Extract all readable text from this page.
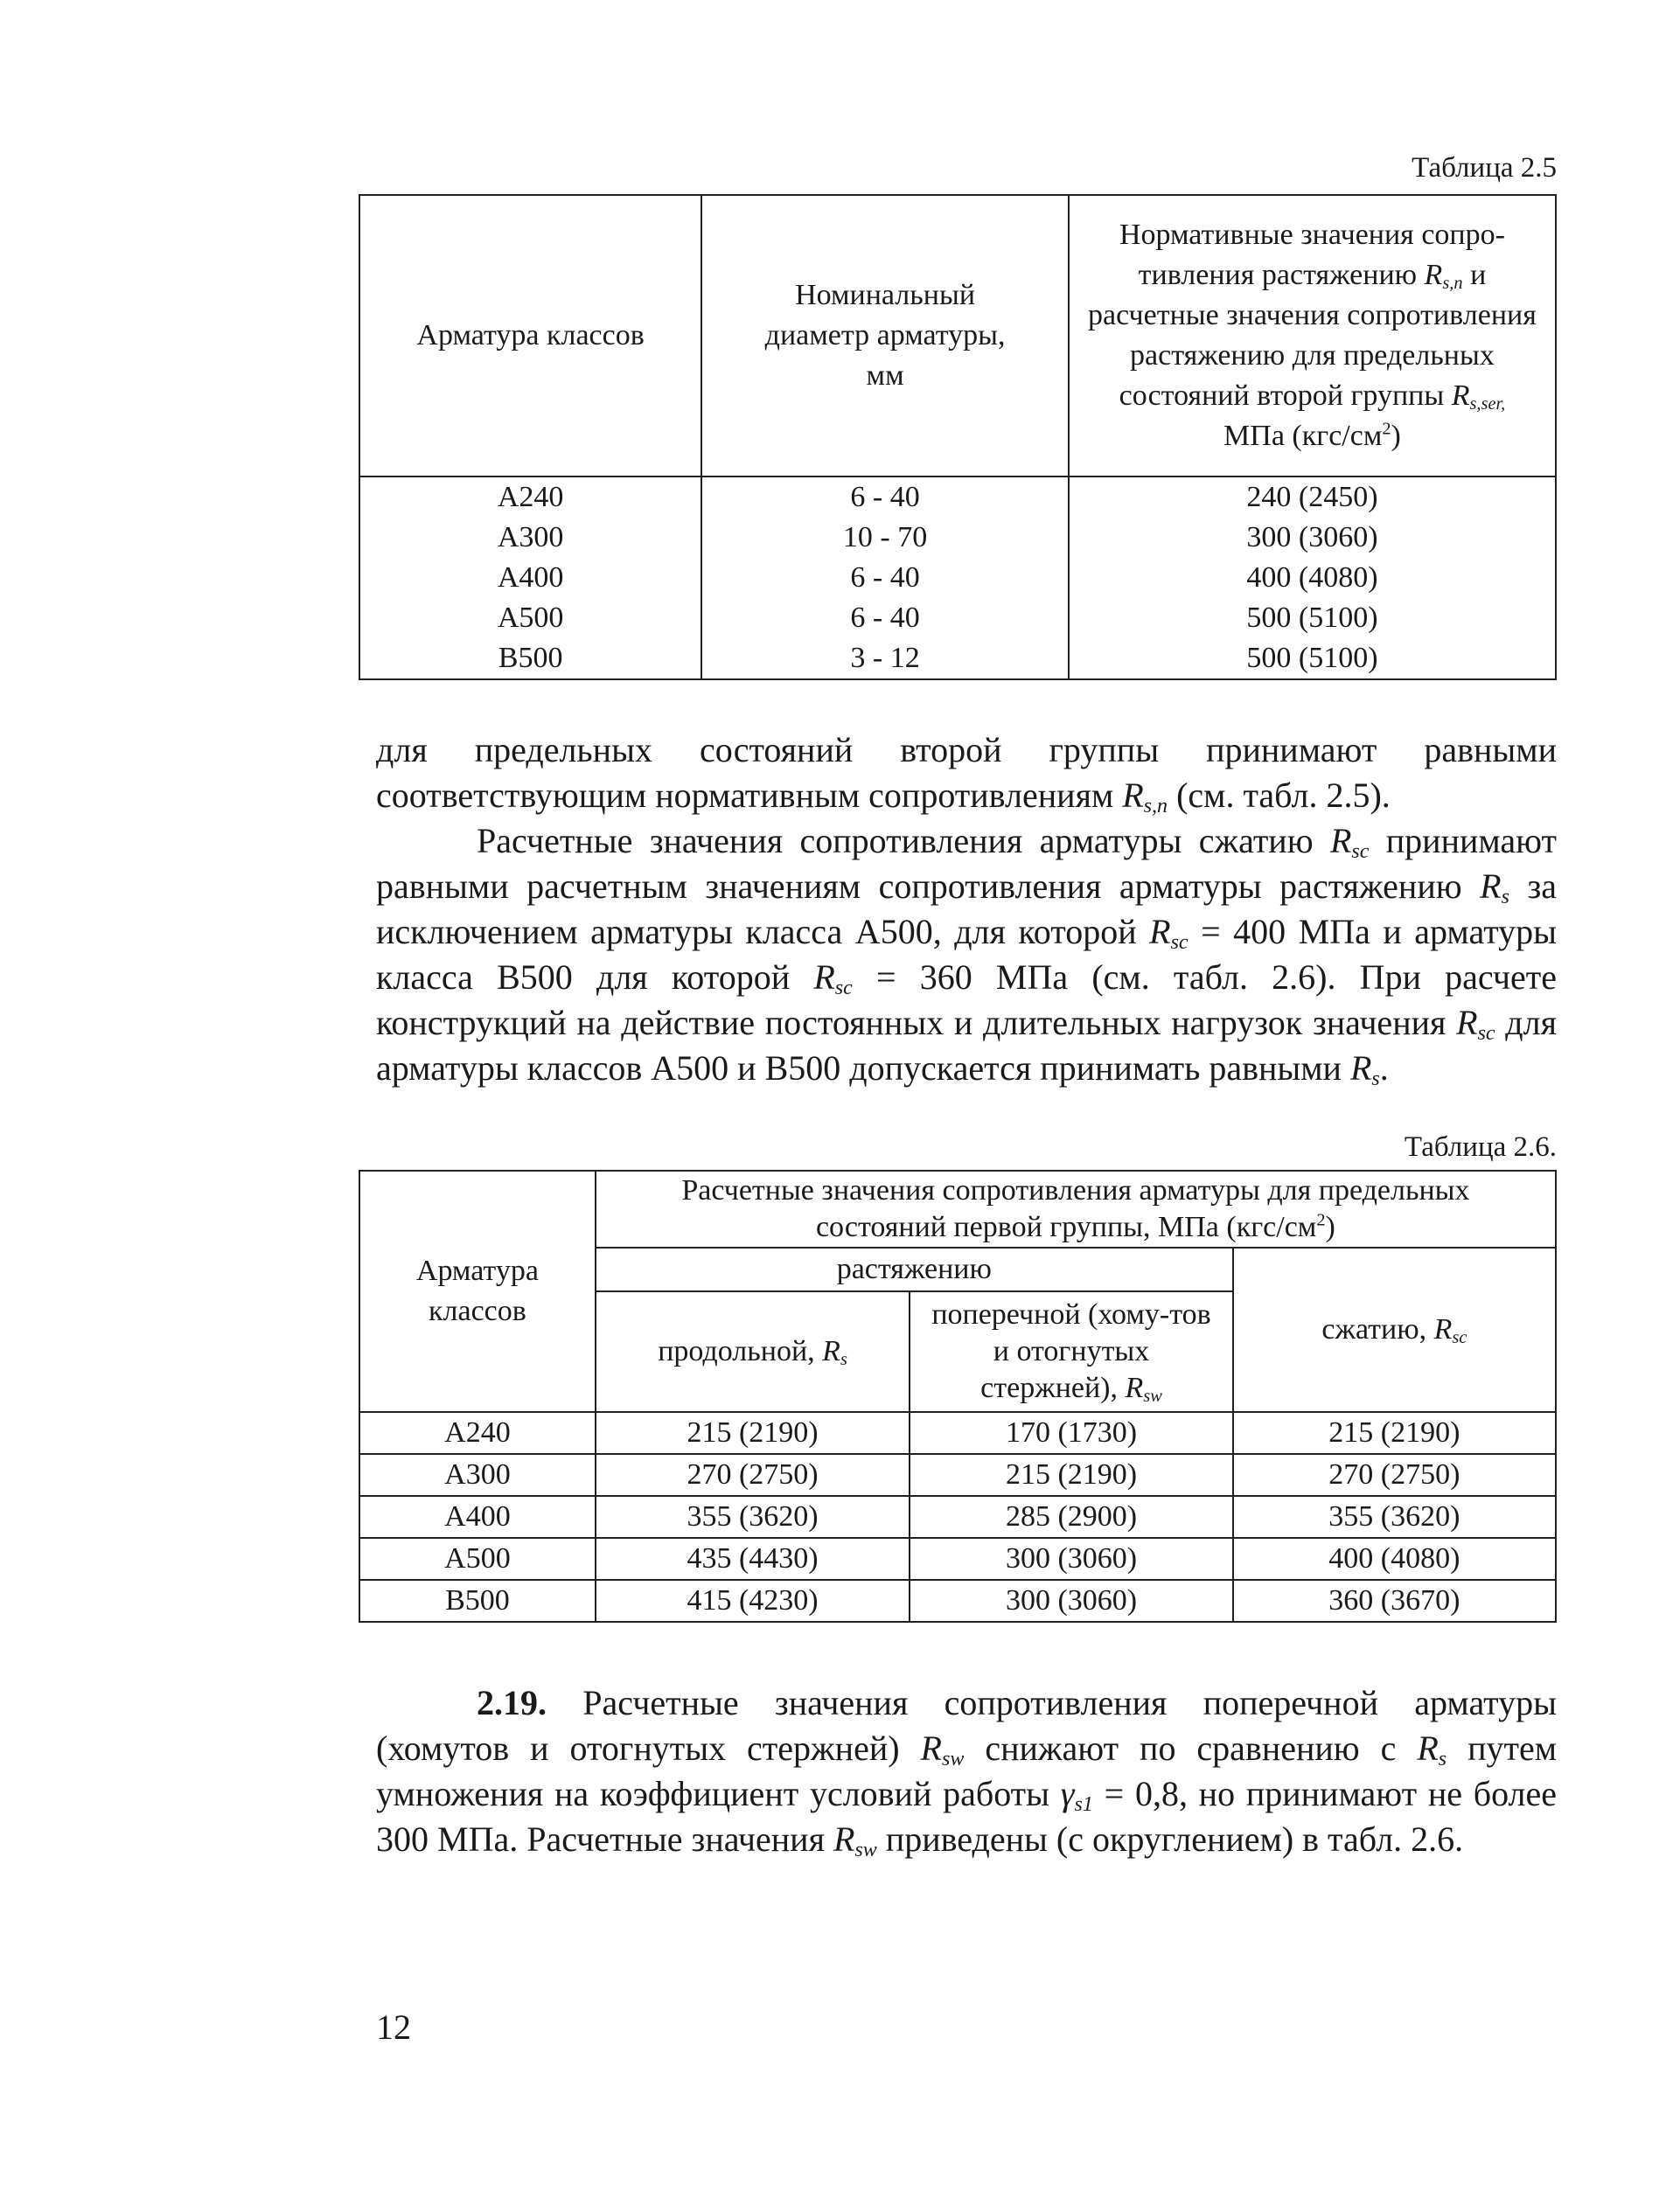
Таблица 2.5
Арматура классов	Номинальный диаметр арматуры, мм	Нормативные значения сопро-тивления растяжению $R_{s,n}$ и расчетные значения сопротивления растяжению для предельных состояний второй группы $R_{s,ser,}$
МПа $(кгс/см^2)$
А240	6 - 40	240 (2450)
А300	10 - 70	300 (3060)
А400	6 - 40	400 (4080)
А500	6 - 40	500 (5100)
В500	3 - 12	500 (5100)

для предельных состояний второй группы принимают равными соответствующим нормативным сопротивлениям $R_{s,n}$ (см. табл. 2.5).

Расчетные значения сопротивления арматуры сжатию $R_{sc}$ принимают равными расчетным значениям сопротивления арматуры растяжению $R_s$ за исключением арматуры класса А500, для которой $R_{sc} = 400$ МПа и арматуры класса В500 для которой $R_{sc} = 360$ МПа (см. табл. 2.6). При расчете конструкций на действие постоянных и длительных нагрузок значения $R_{sc}$ для арматуры классов А500 и В500 допускается принимать равными $R_s$.

Таблица 2.6.
Арматура классов	Расчетные значения сопротивления арматуры для предельных состояний первой группы, МПа $(кгс/см^2)$		
	растяжению		сжатию, $R_{sc}$
	продольной, $R_s$	поперечной (хому-тов и отогнутых стержней), $R_{sw}$
А240	215 (2190)	170 (1730)	215 (2190)
А300	270 (2750)	215 (2190)	270 (2750)
А400	355 (3620)	285 (2900)	355 (3620)
А500	435 (4430)	300 (3060)	400 (4080)
В500	415 (4230)	300 (3060)	360 (3670)

2.19. Расчетные значения сопротивления поперечной арматуры (хомутов и отогнутых стержней) $R_{sw}$ снижают по сравнению с $R_s$ путем умножения на коэффициент условий работы $\gamma_{s1} = 0,8$, но принимают не более 300 МПа. Расчетные значения $R_{sw}$ приведены (с округлением) в табл. 2.6.

12
